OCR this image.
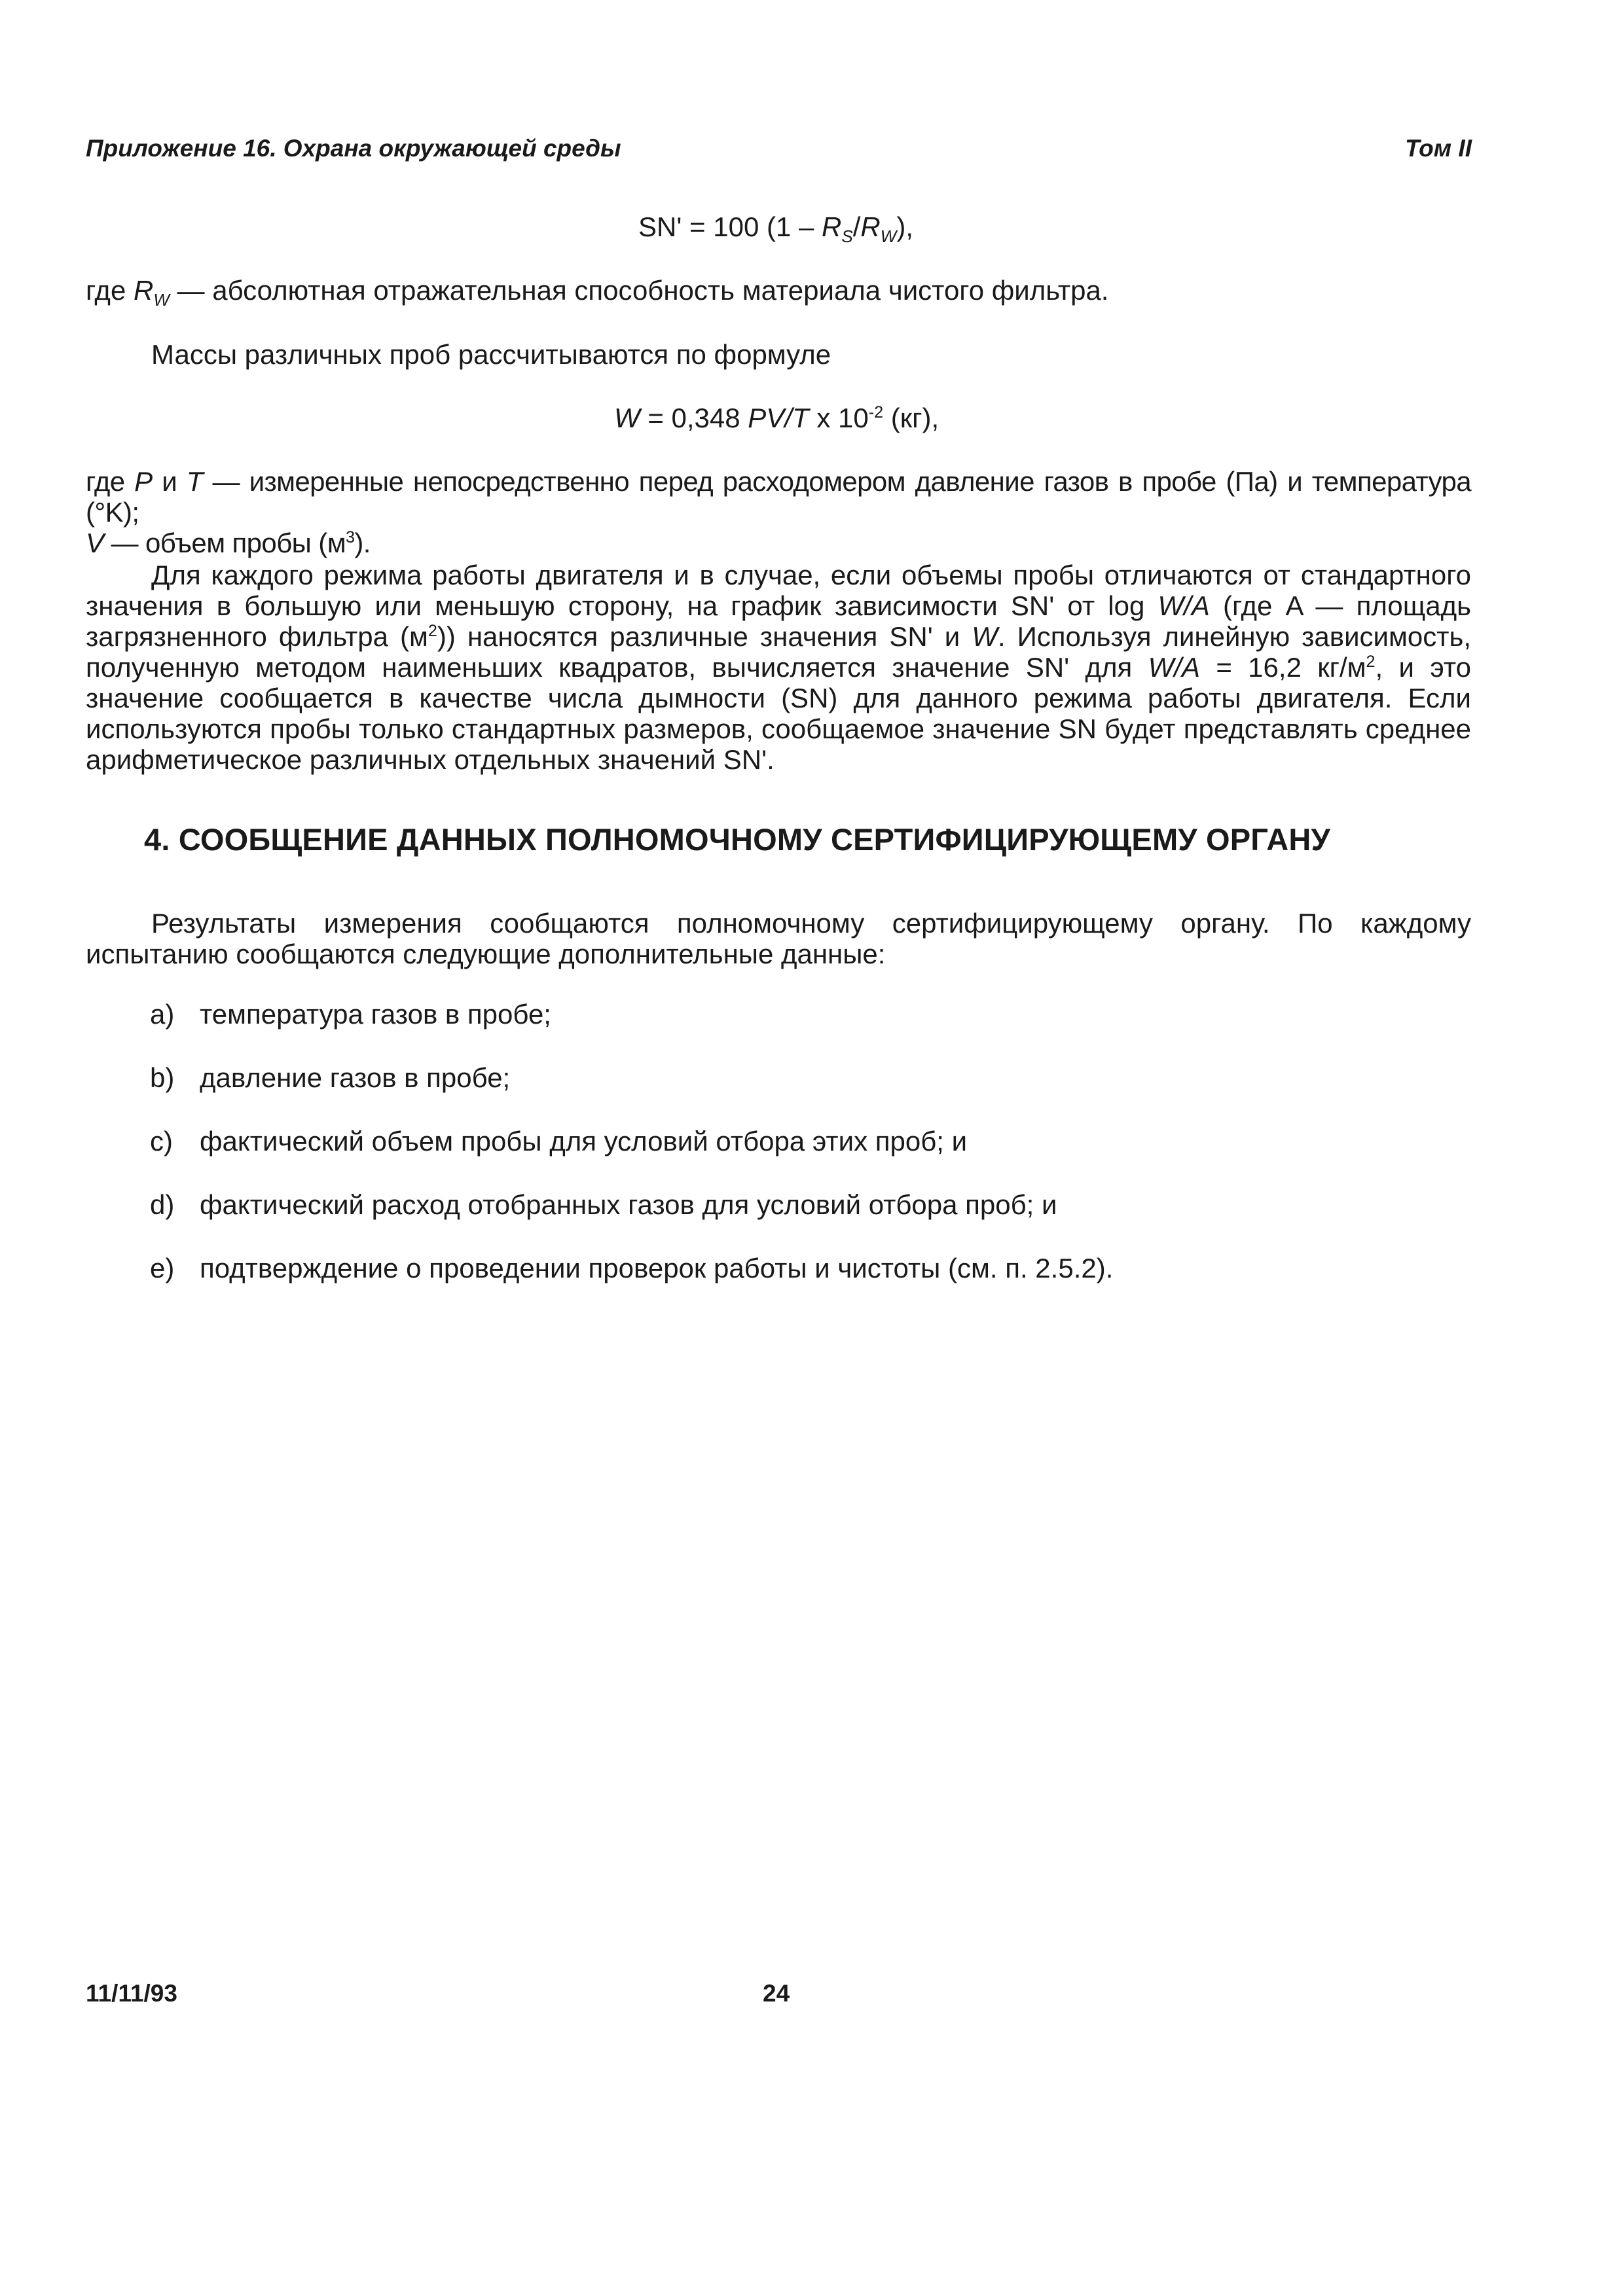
Приложение 16. Охрана окружающей среды	Том II
SN' = 100 $(1 - R_S/R_W)$,
где $R_W$ — абсолютная отражательная способность материала чистого фильтра.
Массы различных проб рассчитываются по формуле
W = 0,348 PV/T x $10^{-2}$ (кг),
где P и T — измеренные непосредственно перед расходомером давление газов в пробе (Па) и температура (°K);
V — объем пробы $(м^3)$.
Для каждого режима работы двигателя и в случае, если объемы пробы отличаются от стандартного значения в большую или меньшую сторону, на график зависимости SN' от log W/A (где A — площадь загрязненного фильтра $(м^2)$) наносятся различные значения SN' и W. Используя линейную зависимость, полученную методом наименьших квадратов, вычисляется значение SN' для W/A = 16,2 $кг/м^2$, и это значение сообщается в качестве числа дымности (SN) для данного режима работы двигателя. Если используются пробы только стандартных размеров, сообщаемое значение SN будет представлять среднее арифметическое различных отдельных значений SN'.
4. СООБЩЕНИЕ ДАННЫХ ПОЛНОМОЧНОМУ СЕРТИФИЦИРУЮЩЕМУ ОРГАНУ
Результаты измерения сообщаются полномочному сертифицирующему органу. По каждому испытанию сообщаются следующие дополнительные данные:
a) температура газов в пробе;
b) давление газов в пробе;
c) фактический объем пробы для условий отбора этих проб; и
d) фактический расход отобранных газов для условий отбора проб; и
e) подтверждение о проведении проверок работы и чистоты (см. п. 2.5.2).
11/11/93	24
